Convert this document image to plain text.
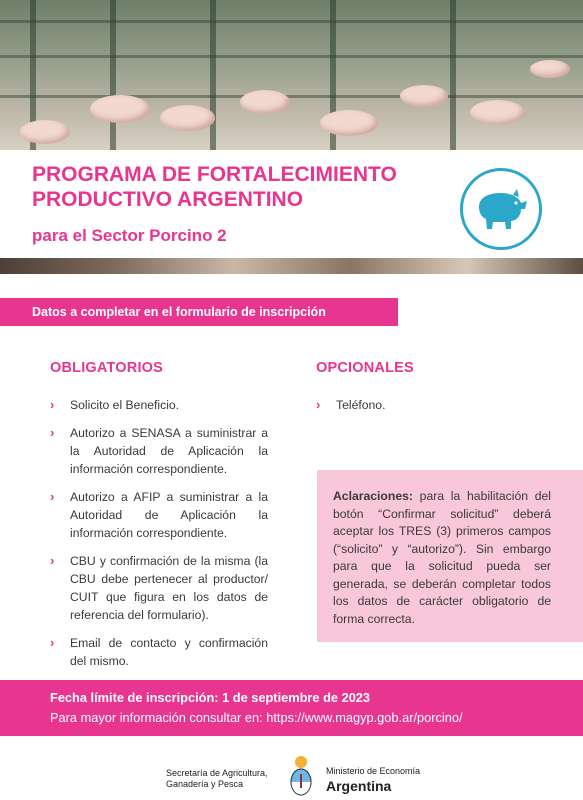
PROGRAMA DE FORTALECIMIENTO PRODUCTIVO ARGENTINO
para el Sector Porcino 2
Datos a completar en el formulario de inscripción
OBLIGATORIOS	OPCIONALES
› Solicito el Beneficio.
› Autorizo a SENASA a suministrar a la Autoridad de Aplicación la información correspondiente.
› Autorizo a AFIP a suministrar a la Autoridad de Aplicación la información correspondiente.
› CBU y confirmación de la misma (la CBU debe pertenecer al productor/ CUIT que figura en los datos de referencia del formulario).
› Email de contacto y confirmación del mismo.
› Teléfono.
Aclaraciones: para la habilitación del botón “Confirmar solicitud” deberá aceptar los TRES (3) primeros campos (“solicito” y “autorizo”). Sin embargo para que la solicitud pueda ser generada, se deberán completar todos los datos de carácter obligatorio de forma correcta.
Fecha límite de inscripción: 1 de septiembre de 2023
Para mayor información consultar en: https://www.magyp.gob.ar/porcino/
Secretaría de Agricultura,
Ganadería y Pesca
Ministerio de Economía
Argentina
